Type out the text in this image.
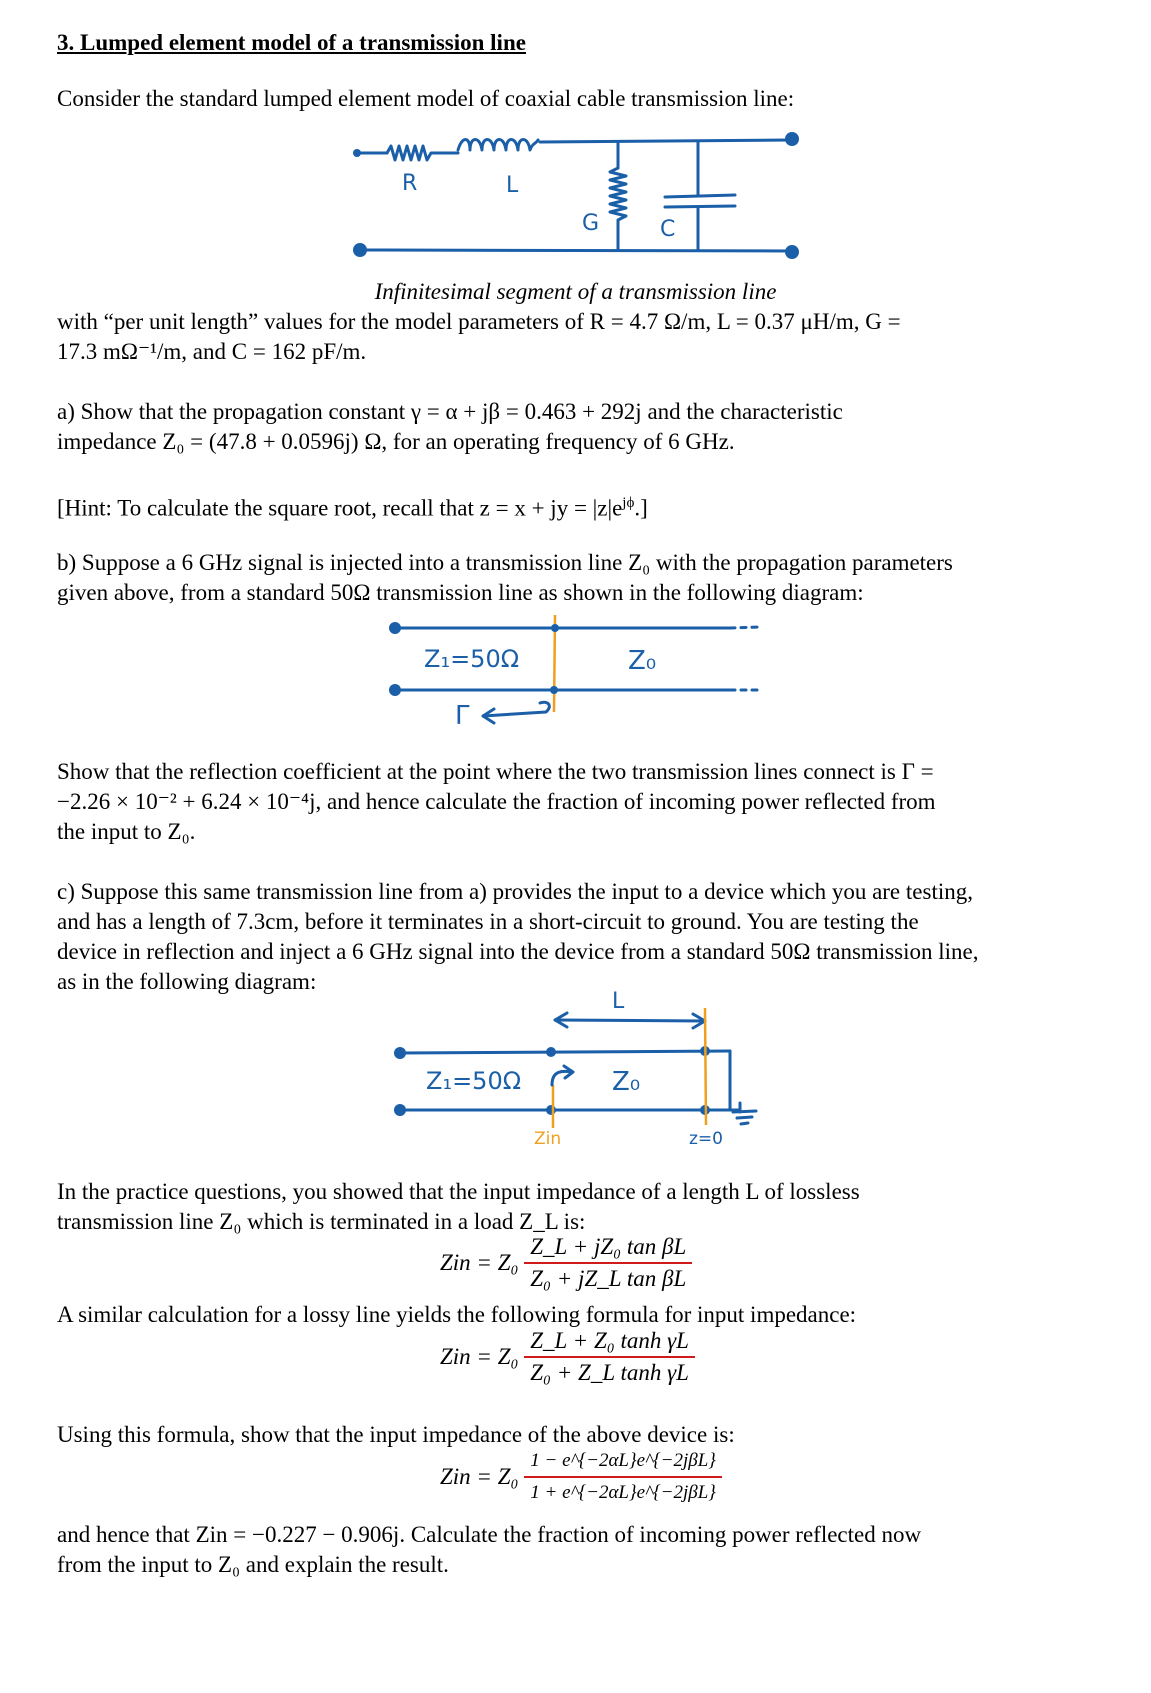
3. Lumped element model of a transmission line
Consider the standard lumped element model of coaxial cable transmission line:
R	L
G	C
Infinitesimal segment of a transmission line
with “per unit length” values for the model parameters of R = 4.7 Ω/m, L = 0.37 μH/m, G =
17.3 mΩ⁻¹/m, and C = 162 pF/m.
a) Show that the propagation constant γ = α + jβ = 0.463 + 292j and the characteristic
impedance Z₀ = (47.8 + 0.0596j) Ω, for an operating frequency of 6 GHz.
[Hint: To calculate the square root, recall that z = x + jy = $|z|e^{j\phi}$.]
b) Suppose a 6 GHz signal is injected into a transmission line Z₀ with the propagation parameters
given above, from a standard 50Ω transmission line as shown in the following diagram:
Z₁=50Ω	Z₀
Γ
Show that the reflection coefficient at the point where the two transmission lines connect is Γ =
−2.26 × 10⁻² + 6.24 × 10⁻⁴j, and hence calculate the fraction of incoming power reflected from
the input to Z₀.
c) Suppose this same transmission line from a) provides the input to a device which you are testing,
and has a length of 7.3cm, before it terminates in a short-circuit to ground. You are testing the
device in reflection and inject a 6 GHz signal into the device from a standard 50Ω transmission line,
as in the following diagram:
L
Z₁=50Ω	Z₀
Zin	z=0
In the practice questions, you showed that the input impedance of a length L of lossless
transmission line Z₀ which is terminated in a load Z_L is:
Zin = $Z_0 \frac{\text{Z\_L + jZ₀ tan βL}}{\text{Z₀ + jZ\_L tan βL}}$
A similar calculation for a lossy line yields the following formula for input impedance:
Zin = $Z_0 \frac{\text{Z\_L + Z₀ tanh γL}}{\text{Z₀ + Z\_L tanh γL}}$
Using this formula, show that the input impedance of the above device is:
Zin = $Z_0 \frac{\text{1 − e\textasciicircum{}\{−2αL\}e\textasciicircum{}\{−2jβL\}}}{\text{1 + e\textasciicircum{}\{−2αL\}e\textasciicircum{}\{−2jβL\}}}$
and hence that Zin = −0.227 − 0.906j. Calculate the fraction of incoming power reflected now
from the input to Z₀ and explain the result.
